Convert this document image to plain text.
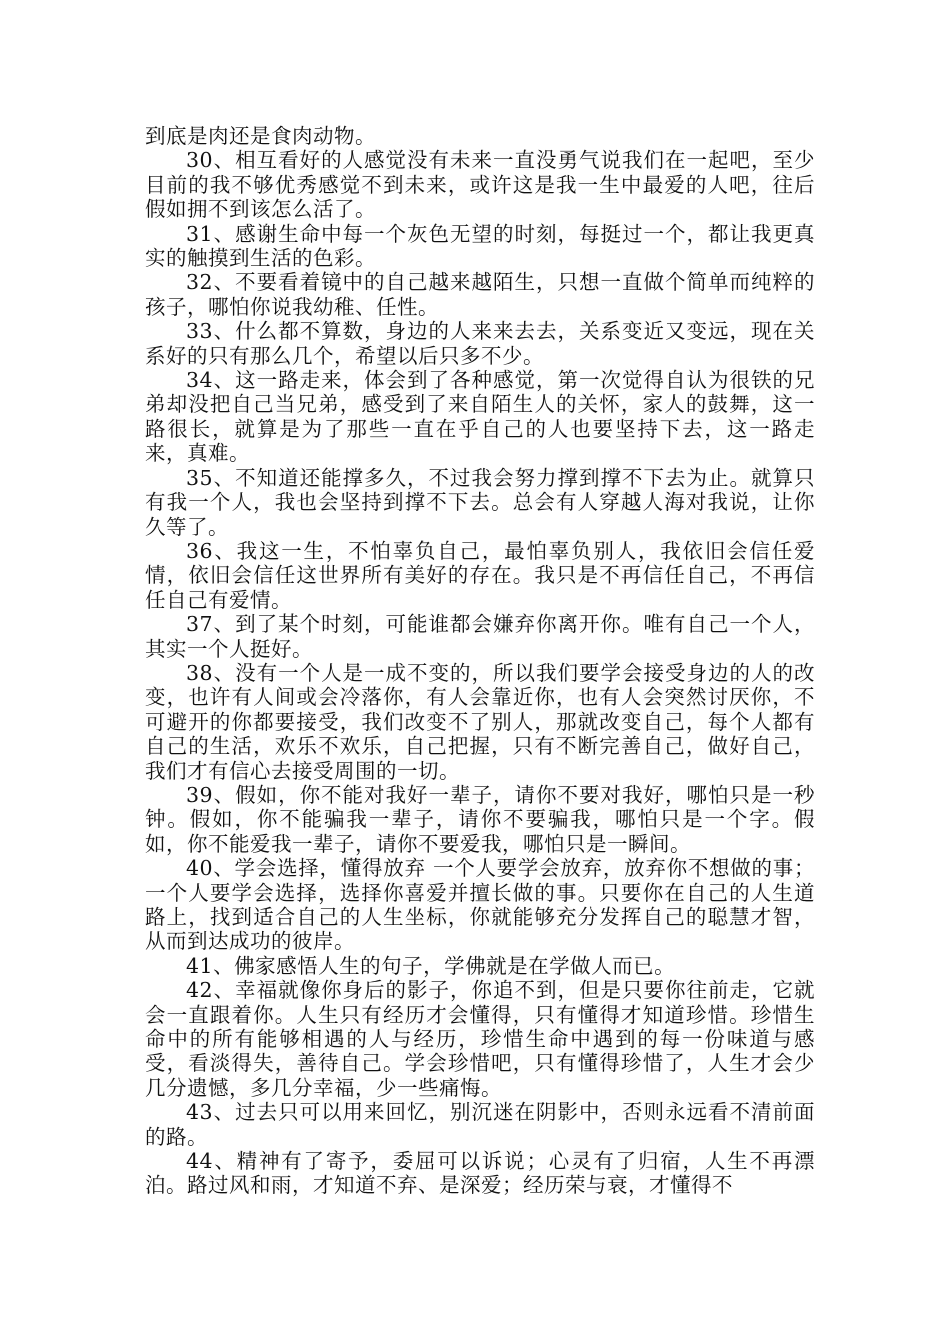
到底是肉还是食肉动物。

30、相互看好的人感觉没有未来一直没勇气说我们在一起吧，至少目前的我不够优秀感觉不到未来，或许这是我一生中最爱的人吧，往后假如拥不到该怎么活了。

31、感谢生命中每一个灰色无望的时刻，每挺过一个，都让我更真实的触摸到生活的色彩。

32、不要看着镜中的自己越来越陌生，只想一直做个简单而纯粹的孩子，哪怕你说我幼稚、任性。

33、什么都不算数，身边的人来来去去，关系变近又变远，现在关系好的只有那么几个，希望以后只多不少。

34、这一路走来，体会到了各种感觉，第一次觉得自认为很铁的兄弟却没把自己当兄弟，感受到了来自陌生人的关怀，家人的鼓舞，这一路很长，就算是为了那些一直在乎自己的人也要坚持下去，这一路走来，真难。

35、不知道还能撑多久，不过我会努力撑到撑不下去为止。就算只有我一个人，我也会坚持到撑不下去。总会有人穿越人海对我说，让你久等了。

36、我这一生，不怕辜负自己，最怕辜负别人，我依旧会信任爱情，依旧会信任这世界所有美好的存在。我只是不再信任自己，不再信任自己有爱情。

37、到了某个时刻，可能谁都会嫌弃你离开你。唯有自己一个人，其实一个人挺好。

38、没有一个人是一成不变的，所以我们要学会接受身边的人的改变，也许有人间或会冷落你，有人会靠近你，也有人会突然讨厌你，不可避开的你都要接受，我们改变不了别人，那就改变自己，每个人都有自己的生活，欢乐不欢乐，自己把握，只有不断完善自己，做好自己，我们才有信心去接受周围的一切。

39、假如，你不能对我好一辈子，请你不要对我好，哪怕只是一秒钟。假如，你不能骗我一辈子，请你不要骗我，哪怕只是一个字。假如，你不能爱我一辈子，请你不要爱我，哪怕只是一瞬间。

40、学会选择，懂得放弃 一个人要学会放弃，放弃你不想做的事；一个人要学会选择，选择你喜爱并擅长做的事。只要你在自己的人生道路上，找到适合自己的人生坐标，你就能够充分发挥自己的聪慧才智，从而到达成功的彼岸。

41、佛家感悟人生的句子，学佛就是在学做人而已。

42、幸福就像你身后的影子，你追不到，但是只要你往前走，它就会一直跟着你。人生只有经历才会懂得，只有懂得才知道珍惜。珍惜生命中的所有能够相遇的人与经历，珍惜生命中遇到的每一份味道与感受，看淡得失，善待自己。学会珍惜吧，只有懂得珍惜了，人生才会少几分遗憾，多几分幸福，少一些痛悔。

43、过去只可以用来回忆，别沉迷在阴影中，否则永远看不清前面的路。

44、精神有了寄予，委屈可以诉说；心灵有了归宿，人生不再漂泊。路过风和雨，才知道不弃、是深爱；经历荣与衰，才懂得不
